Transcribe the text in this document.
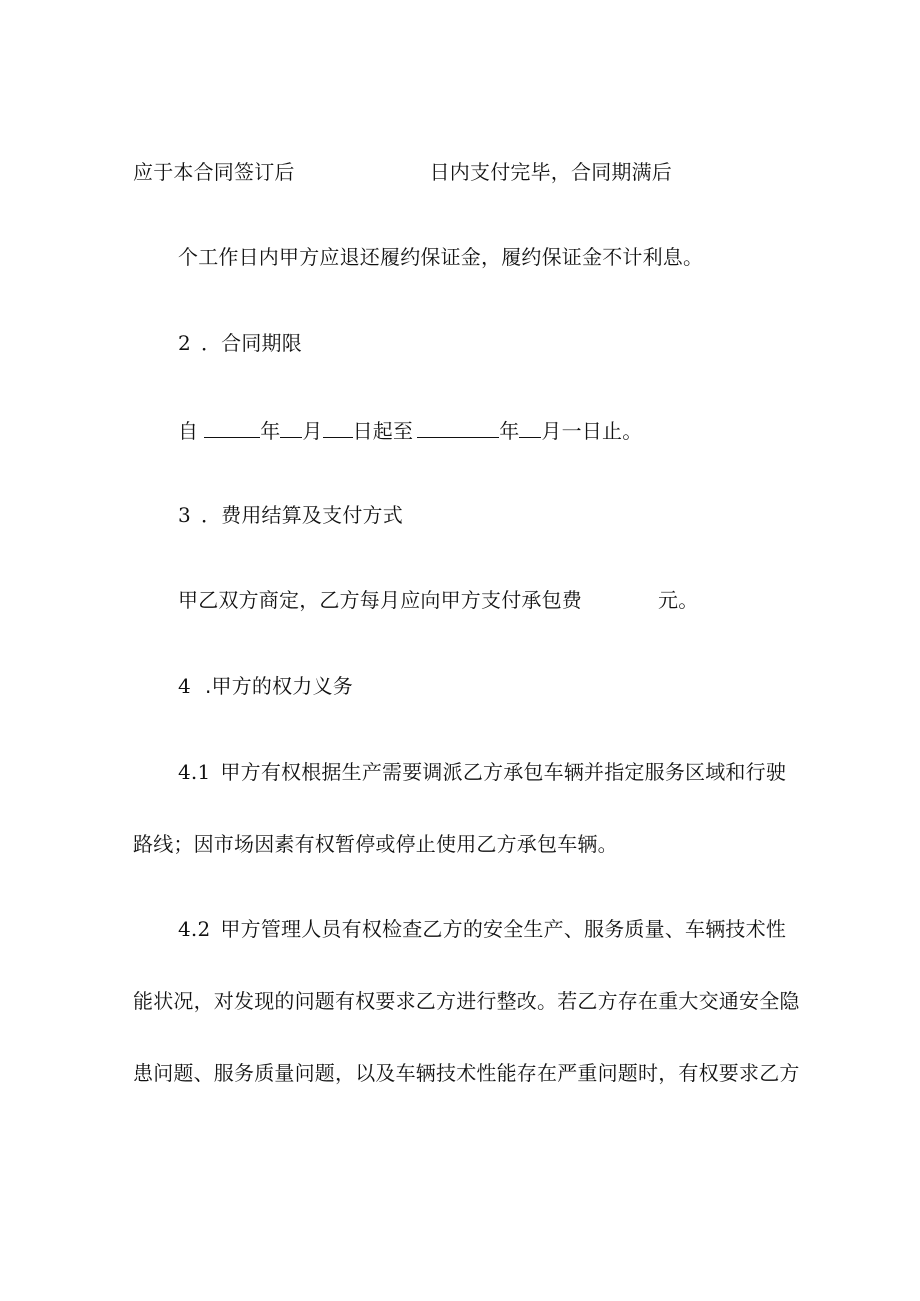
应于本合同签订后	日内支付完毕，合同期满后
个工作日内甲方应退还履约保证金，履约保证金不计利息。
2 ．合同期限
自	年 月 日起至	年 月一日止。
3 ．费用结算及支付方式
甲乙双方商定，乙方每月应向甲方支付承包费	元。
4 .甲方的权力义务
4.1 甲方有权根据生产需要调派乙方承包车辆并指定服务区域和行驶
路线；因市场因素有权暂停或停止使用乙方承包车辆。
4.2 甲方管理人员有权检查乙方的安全生产、服务质量、车辆技术性
能状况，对发现的问题有权要求乙方进行整改。若乙方存在重大交通安全隐
患问题、服务质量问题，以及车辆技术性能存在严重问题时，有权要求乙方
